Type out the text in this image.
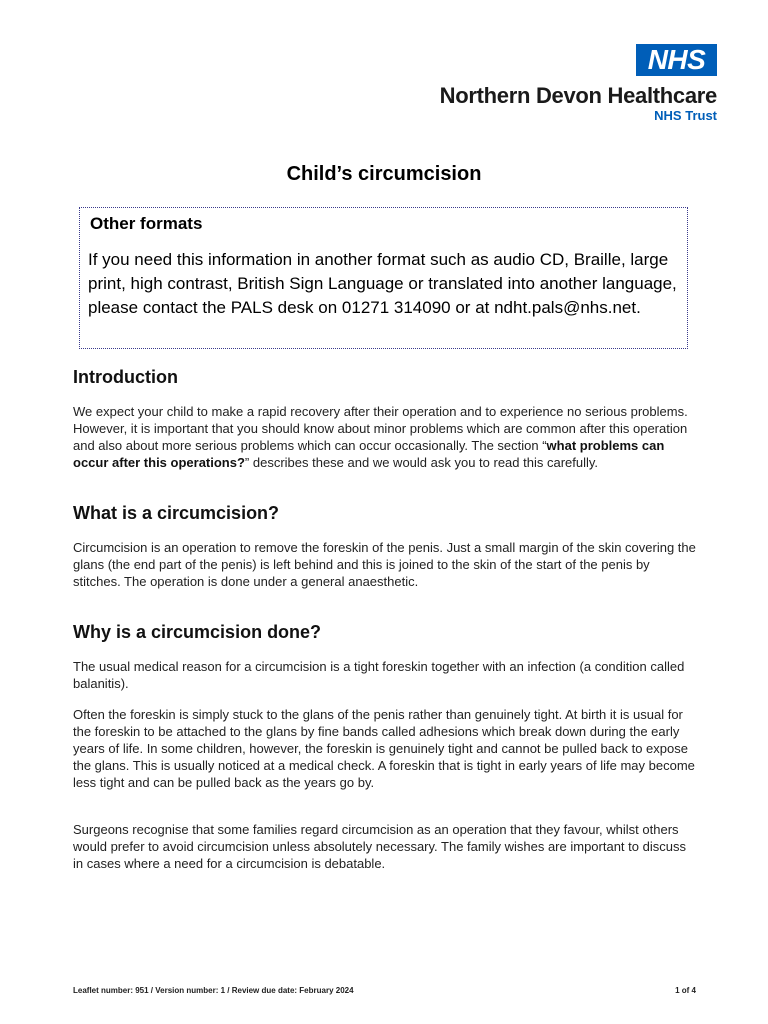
NHS
Northern Devon Healthcare
NHS Trust
Child’s circumcision
Other formats
If you need this information in another format such as audio CD, Braille, large print, high contrast, British Sign Language or translated into another language, please contact the PALS desk on 01271 314090 or at ndht.pals@nhs.net.
Introduction
We expect your child to make a rapid recovery after their operation and to experience no serious problems. However, it is important that you should know about minor problems which are common after this operation and also about more serious problems which can occur occasionally. The section “what problems can occur after this operations?” describes these and we would ask you to read this carefully.
What is a circumcision?
Circumcision is an operation to remove the foreskin of the penis. Just a small margin of the skin covering the glans (the end part of the penis) is left behind and this is joined to the skin of the start of the penis by stitches. The operation is done under a general anaesthetic.
Why is a circumcision done?
The usual medical reason for a circumcision is a tight foreskin together with an infection (a condition called balanitis).
Often the foreskin is simply stuck to the glans of the penis rather than genuinely tight. At birth it is usual for the foreskin to be attached to the glans by fine bands called adhesions which break down during the early years of life. In some children, however, the foreskin is genuinely tight and cannot be pulled back to expose the glans. This is usually noticed at a medical check. A foreskin that is tight in early years of life may become less tight and can be pulled back as the years go by.
Surgeons recognise that some families regard circumcision as an operation that they favour, whilst others would prefer to avoid circumcision unless absolutely necessary. The family wishes are important to discuss in cases where a need for a circumcision is debatable.
Leaflet number: 951 / Version number: 1 / Review due date: February 2024	1 of 4
